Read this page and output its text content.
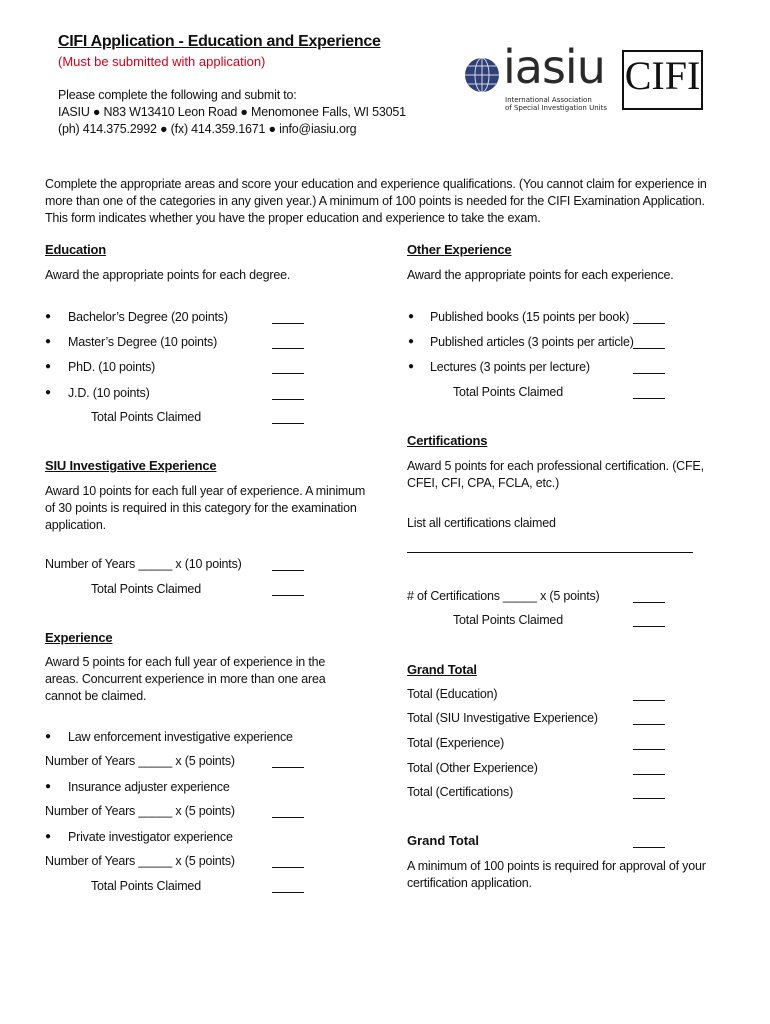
CIFI Application - Education and Experience
(Must be submitted with application)
Please complete the following and submit to:
IASIU ● N83 W13410 Leon Road ● Menomonee Falls, WI 53051
(ph) 414.375.2992 ● (fx) 414.359.1671 ● info@iasiu.org
iasiu
International Association
of Special Investigation Units
CIFI
Complete the appropriate areas and score your education and experience qualifications. (You cannot claim for experience in more than one of the categories in any given year.) A minimum of 100 points is needed for the CIFI Examination Application. This form indicates whether you have the proper education and experience to take the exam.
Education
Award the appropriate points for each degree.
● Bachelor’s Degree (20 points)
● Master’s Degree (10 points)
● PhD. (10 points)
● J.D. (10 points)
Total Points Claimed
Other Experience
Award the appropriate points for each experience.
● Published books (15 points per book)
● Published articles (3 points per article)
● Lectures (3 points per lecture)
Total Points Claimed
Certifications
Award 5 points for each professional certification. (CFE, CFEI, CFI, CPA, FCLA, etc.)
List all certifications claimed
# of Certifications _____ x (5 points)
Total Points Claimed
SIU Investigative Experience
Award 10 points for each full year of experience. A minimum of 30 points is required in this category for the examination application.
Number of Years _____ x (10 points)
Total Points Claimed
Experience
Award 5 points for each full year of experience in the areas. Concurrent experience in more than one area cannot be claimed.
● Law enforcement investigative experience
Number of Years _____ x (5 points)
● Insurance adjuster experience
Number of Years _____ x (5 points)
● Private investigator experience
Number of Years _____ x (5 points)
Total Points Claimed
Grand Total
Total (Education)
Total (SIU Investigative Experience)
Total (Experience)
Total (Other Experience)
Total (Certifications)
Grand Total
A minimum of 100 points is required for approval of your certification application.
